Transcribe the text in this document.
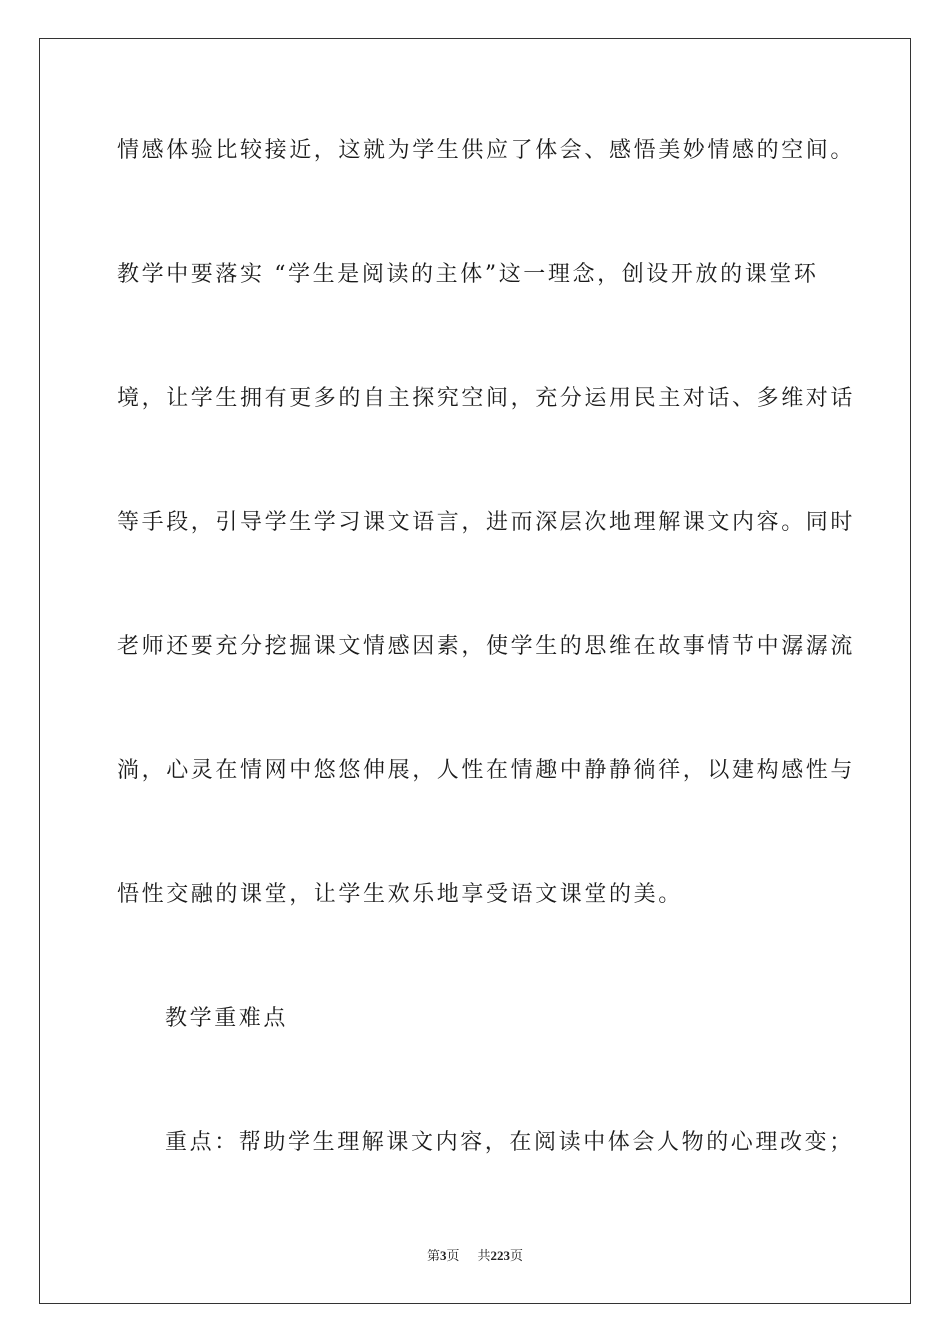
情感体验比较接近，这就为学生供应了体会、感悟美妙情感的空间。
教学中要落实 “学生是阅读的主体”这一理念，创设开放的课堂环
境，让学生拥有更多的自主探究空间，充分运用民主对话、多维对话
等手段，引导学生学习课文语言，进而深层次地理解课文内容。同时
老师还要充分挖掘课文情感因素，使学生的思维在故事情节中潺潺流
淌，心灵在情网中悠悠伸展，人性在情趣中静静徜徉，以建构感性与
悟性交融的课堂，让学生欢乐地享受语文课堂的美。
教学重难点
重点：帮助学生理解课文内容，在阅读中体会人物的心理改变；
第3页 共223页
